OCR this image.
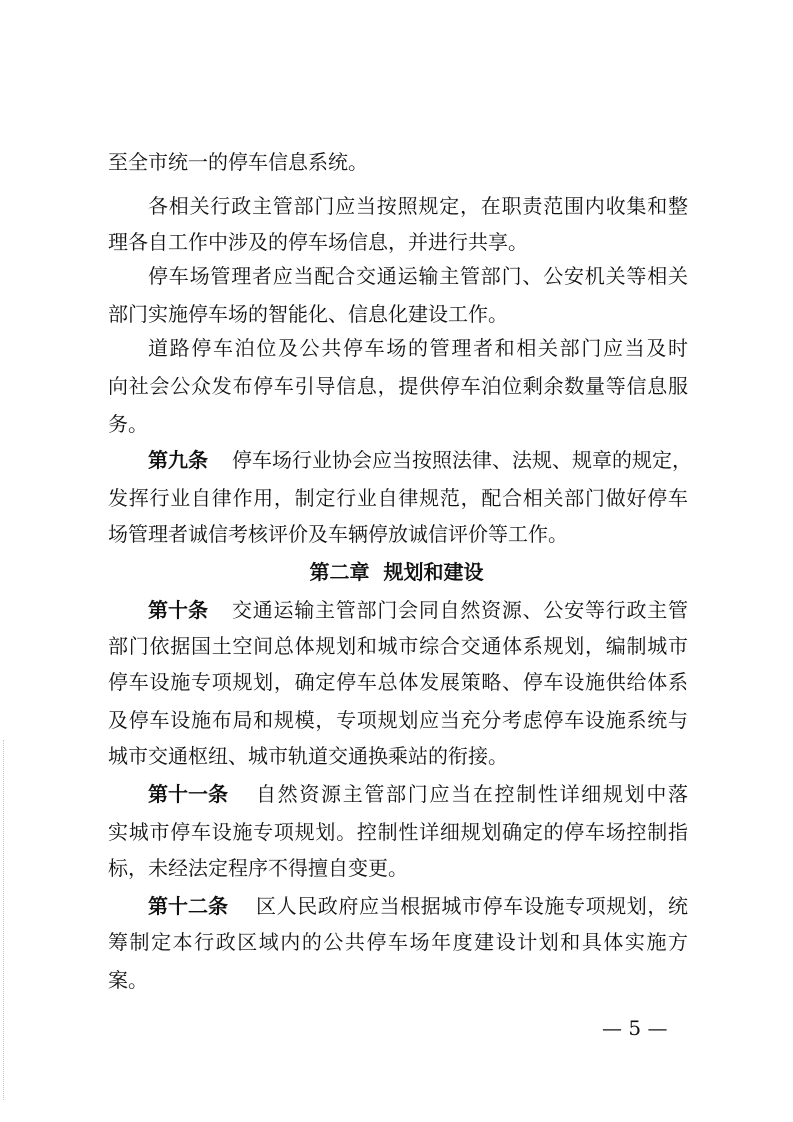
至全市统一的停车信息系统。
各相关行政主管部门应当按照规定，在职责范围内收集和整
理各自工作中涉及的停车场信息，并进行共享。
停车场管理者应当配合交通运输主管部门、公安机关等相关
部门实施停车场的智能化、信息化建设工作。
道路停车泊位及公共停车场的管理者和相关部门应当及时
向社会公众发布停车引导信息，提供停车泊位剩余数量等信息服
务。
第九条 停车场行业协会应当按照法律、法规、规章的规定，
发挥行业自律作用，制定行业自律规范，配合相关部门做好停车
场管理者诚信考核评价及车辆停放诚信评价等工作。
第二章 规划和建设
第十条 交通运输主管部门会同自然资源、公安等行政主管
部门依据国土空间总体规划和城市综合交通体系规划，编制城市
停车设施专项规划，确定停车总体发展策略、停车设施供给体系
及停车设施布局和规模，专项规划应当充分考虑停车设施系统与
城市交通枢纽、城市轨道交通换乘站的衔接。
第十一条 自然资源主管部门应当在控制性详细规划中落
实城市停车设施专项规划。控制性详细规划确定的停车场控制指
标，未经法定程序不得擅自变更。
第十二条 区人民政府应当根据城市停车设施专项规划，统
筹制定本行政区域内的公共停车场年度建设计划和具体实施方
案。
— 5 —
